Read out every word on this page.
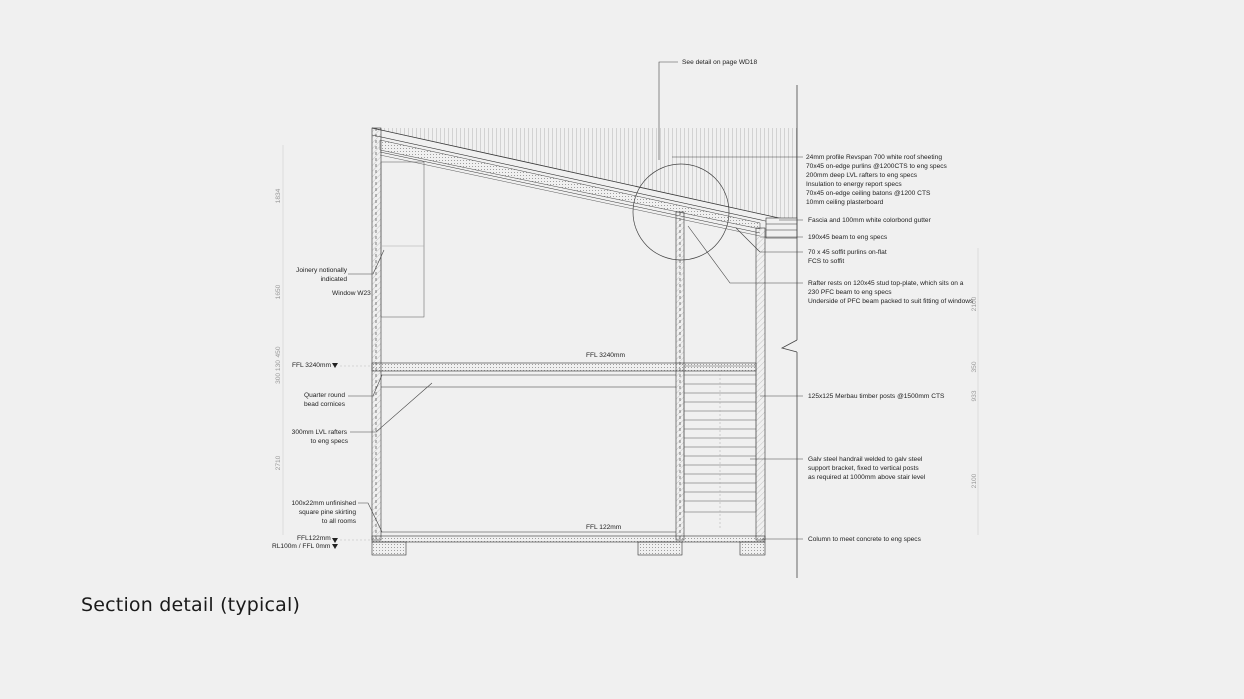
See detail on page WD18
24mm profile Revspan 700 white roof sheeting
70x45 on-edge purlins @1200CTS to eng specs
200mm deep LVL rafters to eng specs
Insulation to energy report specs
70x45 on-edge ceiling batons @1200 CTS
10mm ceiling plasterboard
Fascia and 100mm white colorbond gutter
190x45 beam to eng specs
70 x 45 soffit purlins on-flat
FCS to soffit
Rafter rests on 120x45 stud top-plate, which sits on a
230 PFC beam to eng specs
Underside of PFC beam packed to suit fitting of windows
125x125 Merbau timber posts @1500mm CTS
Galv steel handrail welded to galv steel
support bracket, fixed to vertical posts
as required at 1000mm above stair level
Column to meet concrete to eng specs
Joinery notionally
indicated
Window W23
FFL 3240mm
FFL 3240mm
Quarter round
bead cornices
300mm LVL rafters
to eng specs
100x22mm unfinished
square pine skirting
to all rooms
FFL 122mm
FFL122mm
RL100m / FFL 0mm
1834
1650
450
300 130
2710
2100
350
933
2100
Section detail (typical)
